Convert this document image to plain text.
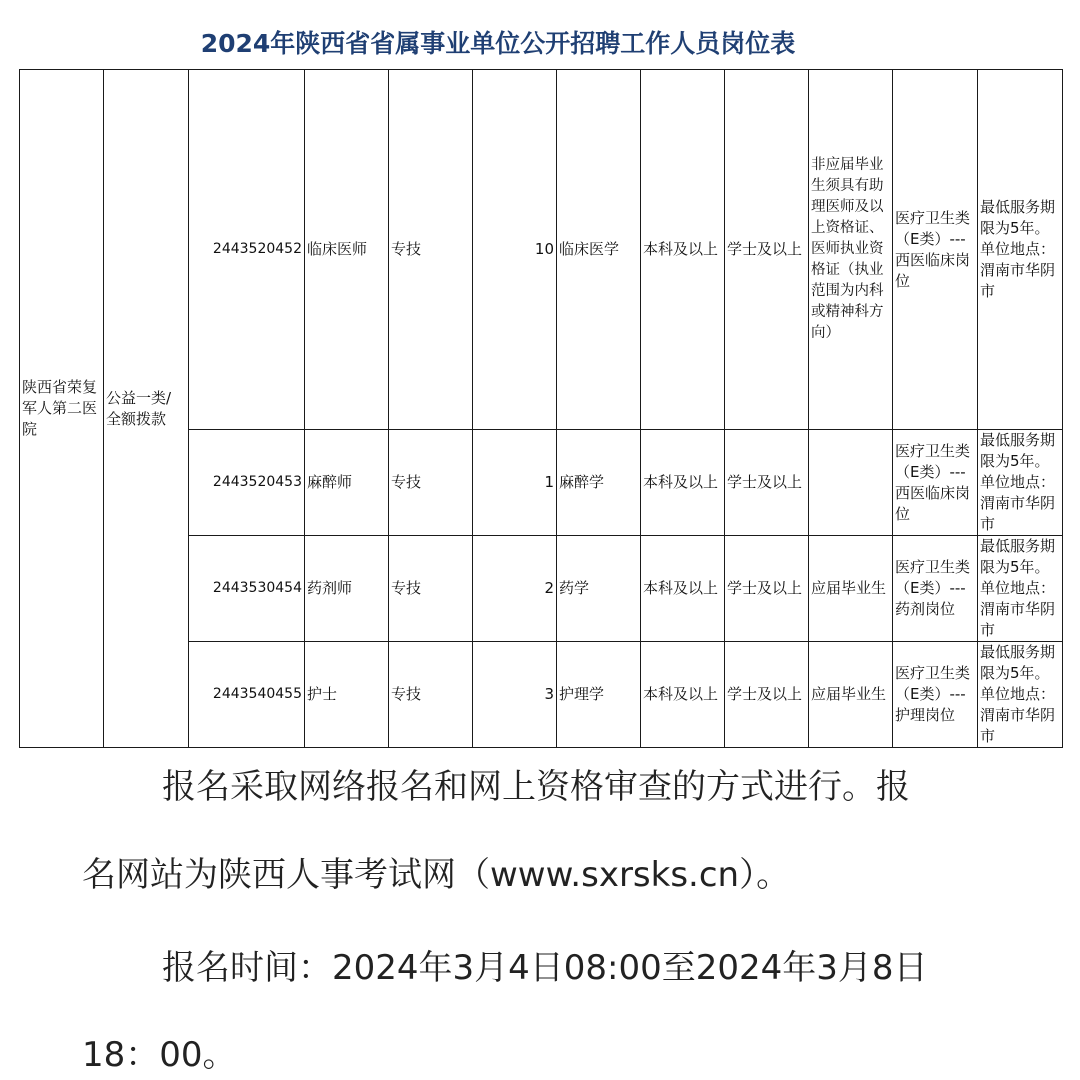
2024年陕西省省属事业单位公开招聘工作人员岗位表
陕西省荣复军人第二医院	公益一类/全额拨款	2443520452	临床医师	专技	10	临床医学	本科及以上	学士及以上	非应届毕业生须具有助理医师及以上资格证、医师执业资格证（执业范围为内科或精神科方向）	医疗卫生类（E类）---西医临床岗位	最低服务期限为5年。单位地点：渭南市华阴市
		2443520453	麻醉师	专技	1	麻醉学	本科及以上	学士及以上		医疗卫生类（E类）---西医临床岗位	最低服务期限为5年。单位地点：渭南市华阴市
		2443530454	药剂师	专技	2	药学	本科及以上	学士及以上	应届毕业生	医疗卫生类（E类）---药剂岗位	最低服务期限为5年。单位地点：渭南市华阴市
		2443540455	护士	专技	3	护理学	本科及以上	学士及以上	应届毕业生	医疗卫生类（E类）---护理岗位	最低服务期限为5年。单位地点：渭南市华阴市
报名采取网络报名和网上资格审查的方式进行。报
名网站为陕西人事考试网（www.sxrsks.cn）。
报名时间：2024年3月4日08:00至2024年3月8日
18：00。
